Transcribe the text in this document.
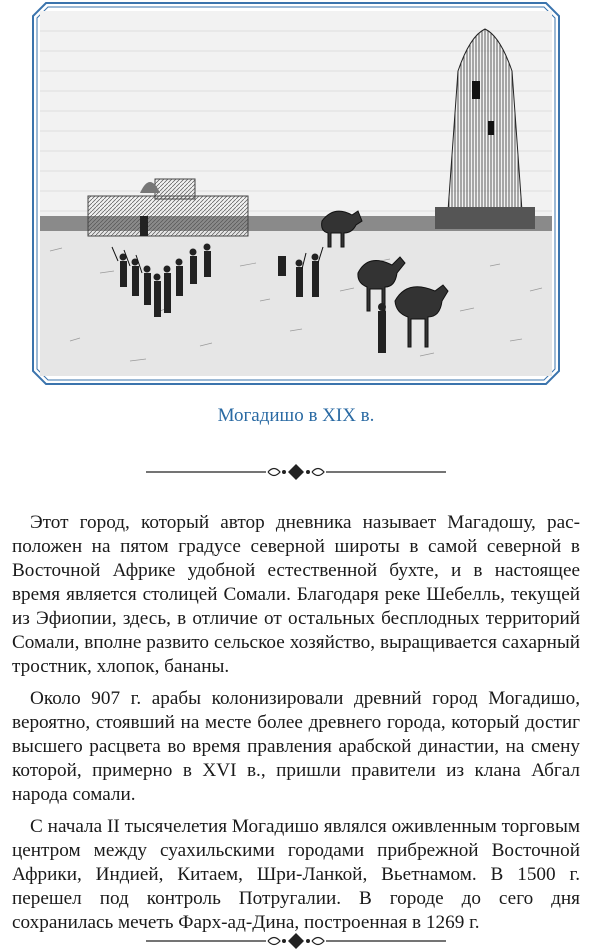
Могадишо в XIX в.

Этот город, который автор дневника называет Магадошу, расположен на пятом градусе северной широты в самой северной в Восточной Африке удобной естественной бухте, и в настоящее время является столицей Сомали. Благодаря реке Шебелль, текущей из Эфиопии, здесь, в отличие от остальных бесплодных территорий Сомали, вполне развито сельское хозяйство, выращивается сахарный тростник, хлопок, бананы.

Около 907 г. арабы колонизировали древний город Могадишо, вероятно, стоявший на месте более древнего города, который достиг высшего расцвета во время правления арабской династии, на смену которой, примерно в XVI в., пришли правители из клана Абгал народа сомали.

С начала II тысячелетия Могадишо являлся оживленным торговым центром между суахильскими городами прибрежной Восточной Африки, Индией, Китаем, Шри-Ланкой, Вьетнамом. В 1500 г. перешел под контроль Потругалии. В городе до сего дня сохранилась мечеть Фарх-ад-Дина, построенная в 1269 г.
